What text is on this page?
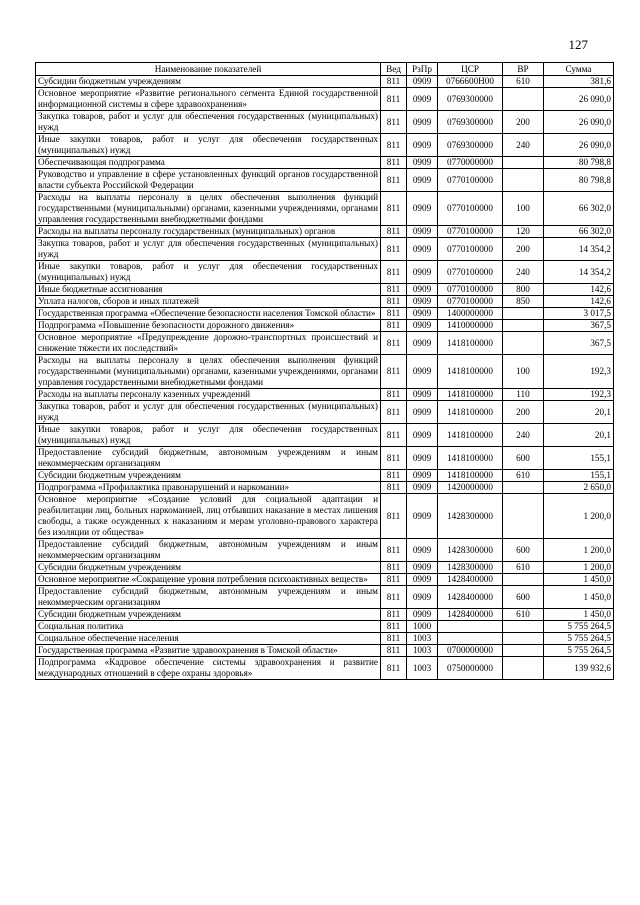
127
Наименование показателей	Вед	РзПр	ЦСР	ВР	Сумма
Субсидии бюджетным учреждениям	811	0909	0766600Н00	610	381,6
Основное мероприятие «Развитие регионального сегмента Единой государственной информационной системы в сфере здравоохранения»	811	0909	0769300000		26 090,0
Закупка товаров, работ и услуг для обеспечения государственных (муниципальных) нужд	811	0909	0769300000	200	26 090,0
Иные закупки товаров, работ и услуг для обеспечения государственных (муниципальных) нужд	811	0909	0769300000	240	26 090,0
Обеспечивающая подпрограмма	811	0909	0770000000		80 798,8
Руководство и управление в сфере установленных функций органов государственной власти субъекта Российской Федерации	811	0909	0770100000		80 798,8
Расходы на выплаты персоналу в целях обеспечения выполнения функций государственными (муниципальными) органами, казенными учреждениями, органами управления государственными внебюджетными фондами	811	0909	0770100000	100	66 302,0
Расходы на выплаты персоналу государственных (муниципальных) органов	811	0909	0770100000	120	66 302,0
Закупка товаров, работ и услуг для обеспечения государственных (муниципальных) нужд	811	0909	0770100000	200	14 354,2
Иные закупки товаров, работ и услуг для обеспечения государственных (муниципальных) нужд	811	0909	0770100000	240	14 354,2
Иные бюджетные ассигнования	811	0909	0770100000	800	142,6
Уплата налогов, сборов и иных платежей	811	0909	0770100000	850	142,6
Государственная программа «Обеспечение безопасности населения Томской области»	811	0909	1400000000		3 017,5
Подпрограмма «Повышение безопасности дорожного движения»	811	0909	1410000000		367,5
Основное мероприятие «Предупреждение дорожно-транспортных происшествий и снижение тяжести их последствий»	811	0909	1418100000		367,5
Расходы на выплаты персоналу в целях обеспечения выполнения функций государственными (муниципальными) органами, казенными учреждениями, органами управления государственными внебюджетными фондами	811	0909	1418100000	100	192,3
Расходы на выплаты персоналу казенных учреждений	811	0909	1418100000	110	192,3
Закупка товаров, работ и услуг для обеспечения государственных (муниципальных) нужд	811	0909	1418100000	200	20,1
Иные закупки товаров, работ и услуг для обеспечения государственных (муниципальных) нужд	811	0909	1418100000	240	20,1
Предоставление субсидий бюджетным, автономным учреждениям и иным некоммерческим организациям	811	0909	1418100000	600	155,1
Субсидии бюджетным учреждениям	811	0909	1418100000	610	155,1
Подпрограмма «Профилактика правонарушений и наркомании»	811	0909	1420000000		2 650,0
Основное мероприятие «Создание условий для социальной адаптации и реабилитации лиц, больных наркоманией, лиц отбывших наказание в местах лишения свободы, а также осужденных к наказаниям и мерам уголовно-правового характера без изоляции от общества»	811	0909	1428300000		1 200,0
Предоставление субсидий бюджетным, автономным учреждениям и иным некоммерческим организациям	811	0909	1428300000	600	1 200,0
Субсидии бюджетным учреждениям	811	0909	1428300000	610	1 200,0
Основное мероприятие «Сокращение уровня потребления психоактивных веществ»	811	0909	1428400000		1 450,0
Предоставление субсидий бюджетным, автономным учреждениям и иным некоммерческим организациям	811	0909	1428400000	600	1 450,0
Субсидии бюджетным учреждениям	811	0909	1428400000	610	1 450,0
Социальная политика	811	1000			5 755 264,5
Социальное обеспечение населения	811	1003			5 755 264,5
Государственная программа «Развитие здравоохранения в Томской области»	811	1003	0700000000		5 755 264,5
Подпрограмма «Кадровое обеспечение системы здравоохранения и развитие международных отношений в сфере охраны здоровья»	811	1003	0750000000		139 932,6
